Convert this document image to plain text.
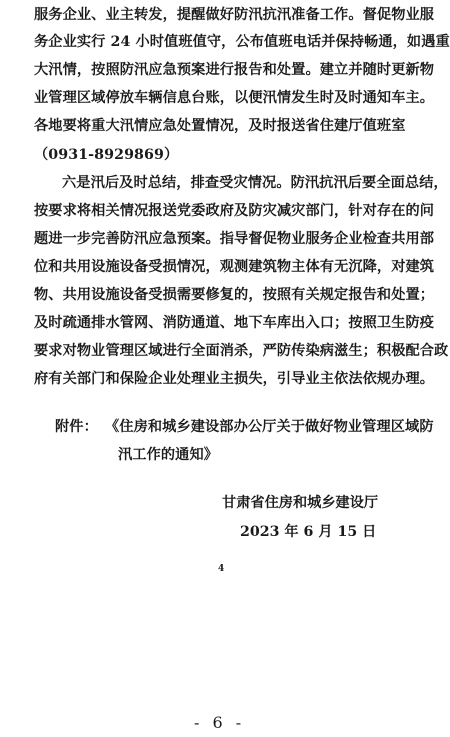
服务企业、业主转发，提醒做好防汛抗汛准备工作。督促物业服
务企业实行 24 小时值班值守，公布值班电话并保持畅通，如遇重
大汛情，按照防汛应急预案进行报告和处置。建立并随时更新物
业管理区域停放车辆信息台账，以便汛情发生时及时通知车主。
各地要将重大汛情应急处置情况，及时报送省住建厅值班室
（0931-8929869）
六是汛后及时总结，排查受灾情况。防汛抗汛后要全面总结，
按要求将相关情况报送党委政府及防灾减灾部门，针对存在的问
题进一步完善防汛应急预案。指导督促物业服务企业检查共用部
位和共用设施设备受损情况，观测建筑物主体有无沉降，对建筑
物、共用设施设备受损需要修复的，按照有关规定报告和处置；
及时疏通排水管网、消防通道、地下车库出入口；按照卫生防疫
要求对物业管理区域进行全面消杀，严防传染病滋生；积极配合政
府有关部门和保险企业处理业主损失，引导业主依法依规办理。
附件： 《住房和城乡建设部办公厅关于做好物业管理区域防
汛工作的通知》
甘肃省住房和城乡建设厅
2023 年 6 月 15 日
4
- 6 -
